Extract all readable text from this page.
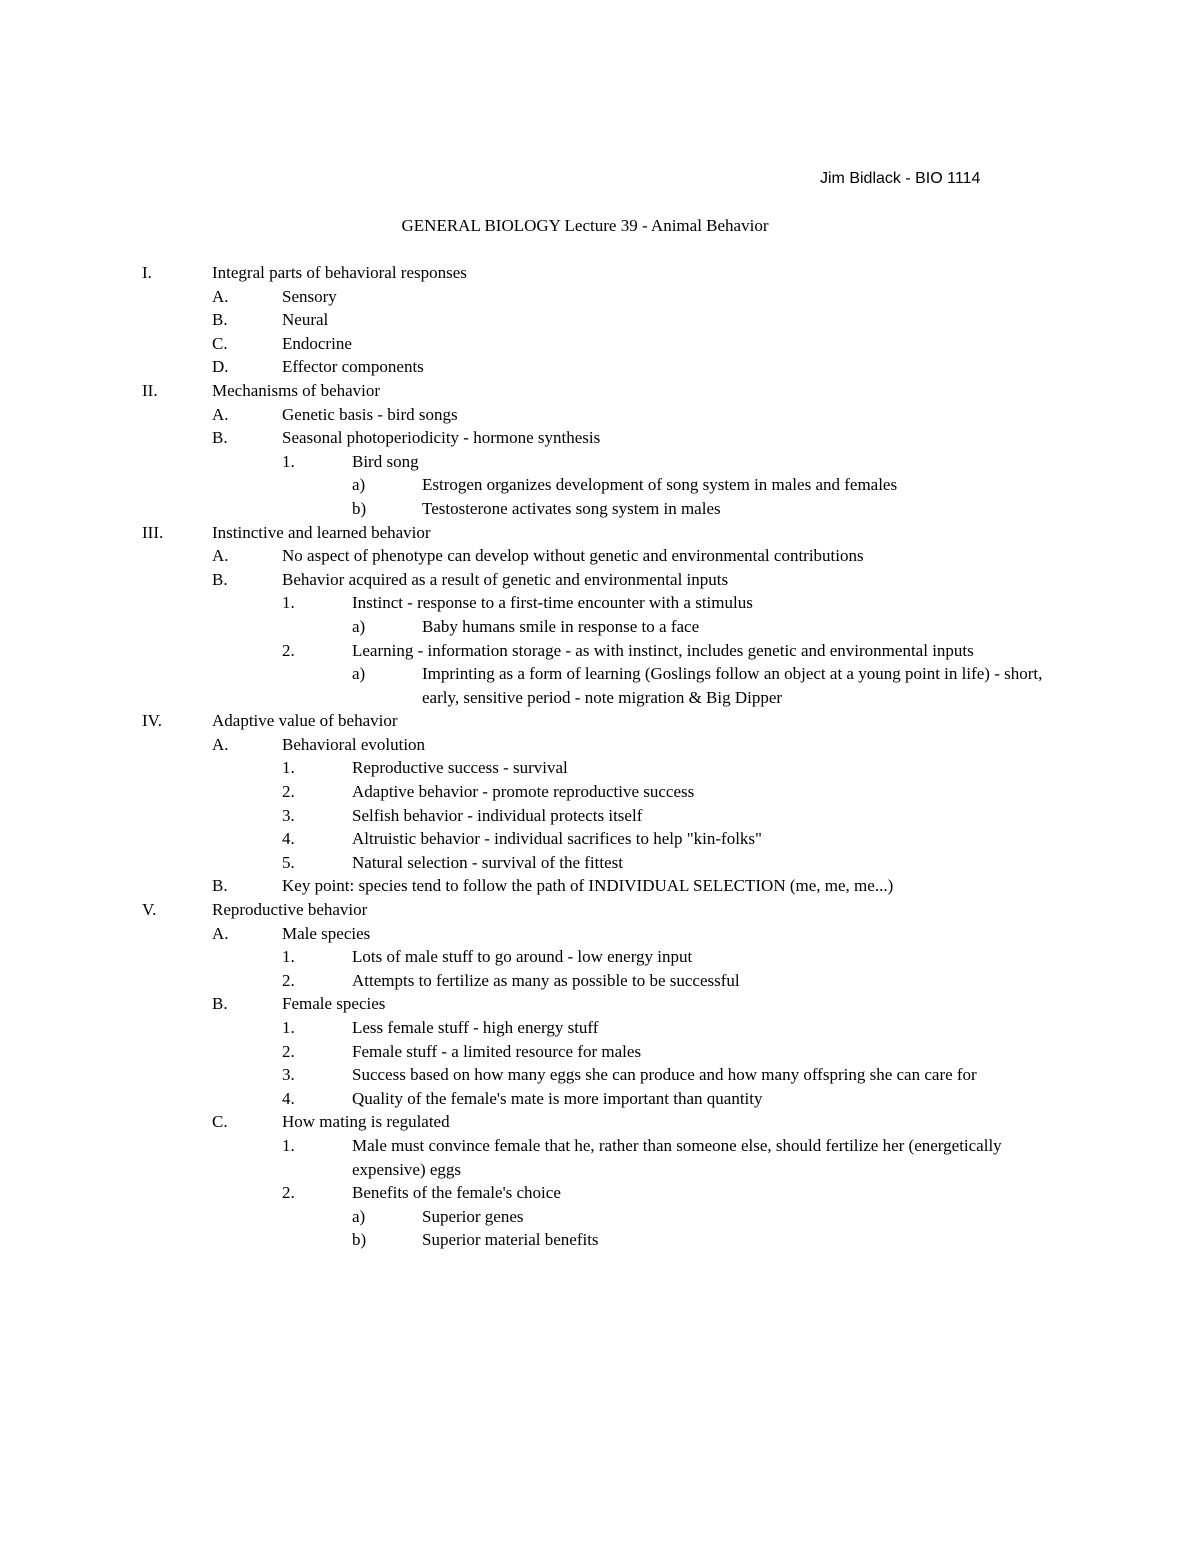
Jim Bidlack - BIO 1114
GENERAL BIOLOGY Lecture 39 - Animal Behavior
I.	Integral parts of behavioral responses
A.	Sensory
B.	Neural
C.	Endocrine
D.	Effector components
II.	Mechanisms of behavior
A.	Genetic basis - bird songs
B.	Seasonal photoperiodicity - hormone synthesis
1.	Bird song
a)	Estrogen organizes development of song system in males and females
b)	Testosterone activates song system in males
III.	Instinctive and learned behavior
A.	No aspect of phenotype can develop without genetic and environmental contributions
B.	Behavior acquired as a result of genetic and environmental inputs
1.	Instinct - response to a first-time encounter with a stimulus
a)	Baby humans smile in response to a face
2.	Learning - information storage - as with instinct, includes genetic and environmental inputs
a)	Imprinting as a form of learning (Goslings follow an object at a young point in life) - short, early, sensitive period - note migration & Big Dipper
IV.	Adaptive value of behavior
A.	Behavioral evolution
1.	Reproductive success - survival
2.	Adaptive behavior - promote reproductive success
3.	Selfish behavior - individual protects itself
4.	Altruistic behavior - individual sacrifices to help "kin-folks"
5.	Natural selection - survival of the fittest
B.	Key point: species tend to follow the path of INDIVIDUAL SELECTION (me, me, me...)
V.	Reproductive behavior
A.	Male species
1.	Lots of male stuff to go around - low energy input
2.	Attempts to fertilize as many as possible to be successful
B.	Female species
1.	Less female stuff - high energy stuff
2.	Female stuff - a limited resource for males
3.	Success based on how many eggs she can produce and how many offspring she can care for
4.	Quality of the female's mate is more important than quantity
C.	How mating is regulated
1.	Male must convince female that he, rather than someone else, should fertilize her (energetically expensive) eggs
2.	Benefits of the female's choice
a)	Superior genes
b)	Superior material benefits
